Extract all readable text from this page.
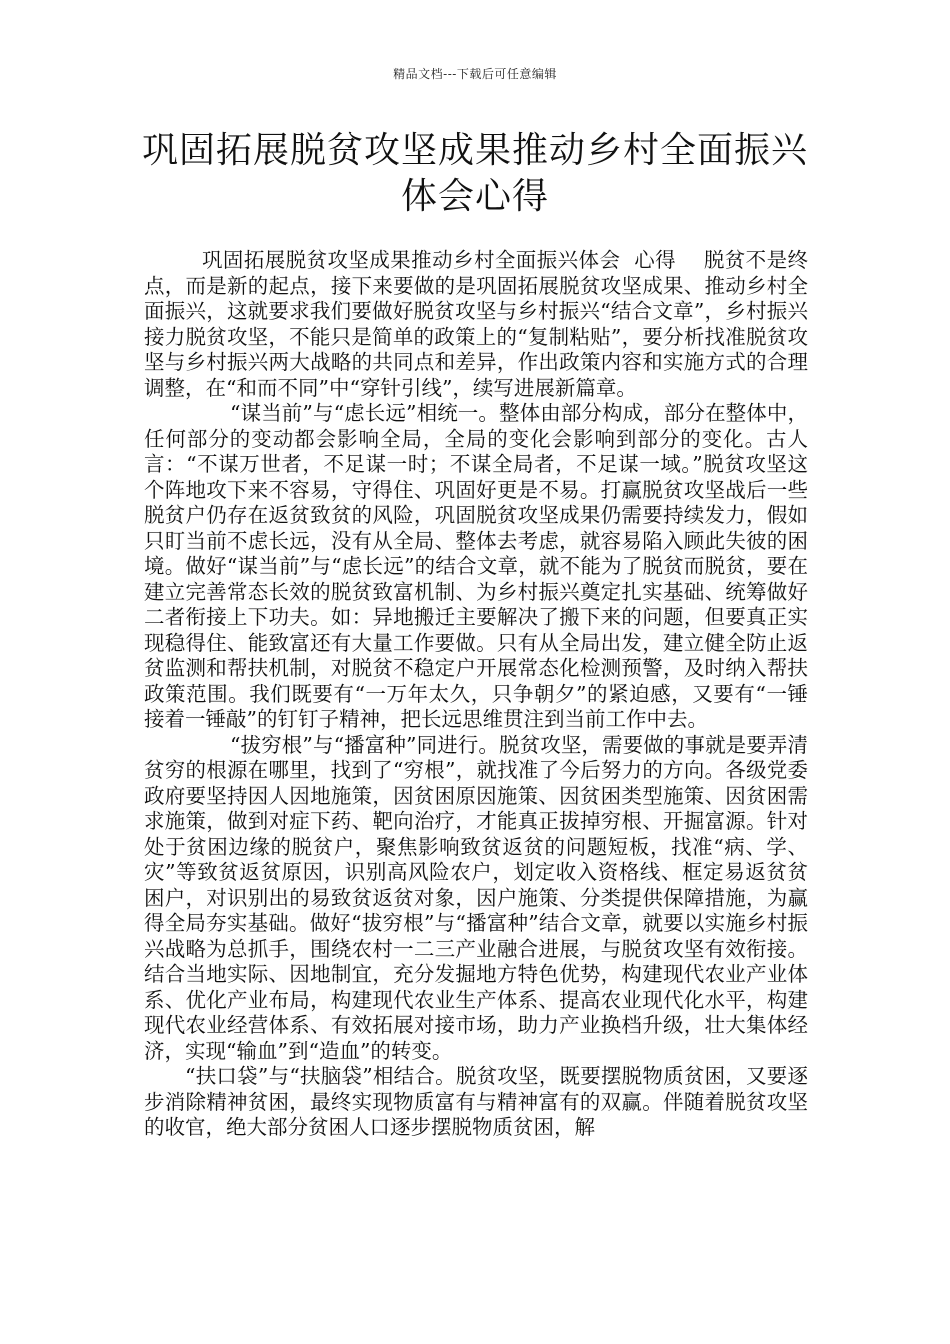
精品文档---下载后可任意编辑
巩固拓展脱贫攻坚成果推动乡村全面振兴
体会心得

巩固拓展脱贫攻坚成果推动乡村全面振兴体会  心得    脱贫不是终点，而是新的起点，接下来要做的是巩固拓展脱贫攻坚成果、推动乡村全面振兴，这就要求我们要做好脱贫攻坚与乡村振兴“结合文章”，乡村振兴接力脱贫攻坚，不能只是简单的政策上的“复制粘贴”，要分析找准脱贫攻坚与乡村振兴两大战略的共同点和差异，作出政策内容和实施方式的合理调整，在“和而不同”中“穿针引线”，续写进展新篇章。

“谋当前”与“虑长远”相统一。整体由部分构成，部分在整体中，任何部分的变动都会影响全局，全局的变化会影响到部分的变化。古人言：“不谋万世者，不足谋一时；不谋全局者，不足谋一域。”脱贫攻坚这个阵地攻下来不容易，守得住、巩固好更是不易。打赢脱贫攻坚战后一些脱贫户仍存在返贫致贫的风险，巩固脱贫攻坚成果仍需要持续发力，假如只盯当前不虑长远，没有从全局、整体去考虑，就容易陷入顾此失彼的困境。做好“谋当前”与“虑长远”的结合文章，就不能为了脱贫而脱贫，要在建立完善常态长效的脱贫致富机制、为乡村振兴奠定扎实基础、统筹做好二者衔接上下功夫。如：异地搬迁主要解决了搬下来的问题，但要真正实现稳得住、能致富还有大量工作要做。只有从全局出发，建立健全防止返贫监测和帮扶机制，对脱贫不稳定户开展常态化检测预警，及时纳入帮扶政策范围。我们既要有“一万年太久，只争朝夕”的紧迫感，又要有“一锤接着一锤敲”的钉钉子精神，把长远思维贯注到当前工作中去。

“拔穷根”与“播富种”同进行。脱贫攻坚，需要做的事就是要弄清贫穷的根源在哪里，找到了“穷根”，就找准了今后努力的方向。各级党委政府要坚持因人因地施策，因贫困原因施策、因贫困类型施策、因贫困需求施策，做到对症下药、靶向治疗，才能真正拔掉穷根、开掘富源。针对处于贫困边缘的脱贫户，聚焦影响致贫返贫的问题短板，找准“病、学、灾”等致贫返贫原因，识别高风险农户，划定收入资格线、框定易返贫贫困户，对识别出的易致贫返贫对象，因户施策、分类提供保障措施，为赢得全局夯实基础。做好“拔穷根”与“播富种”结合文章，就要以实施乡村振兴战略为总抓手，围绕农村一二三产业融合进展，与脱贫攻坚有效衔接。结合当地实际、因地制宜，充分发掘地方特色优势，构建现代农业产业体系、优化产业布局，构建现代农业生产体系、提高农业现代化水平，构建现代农业经营体系、有效拓展对接市场，助力产业换档升级，壮大集体经济，实现“输血”到“造血”的转变。

“扶口袋”与“扶脑袋”相结合。脱贫攻坚，既要摆脱物质贫困，又要逐步消除精神贫困，最终实现物质富有与精神富有的双赢。伴随着脱贫攻坚的收官，绝大部分贫困人口逐步摆脱物质贫困，解
